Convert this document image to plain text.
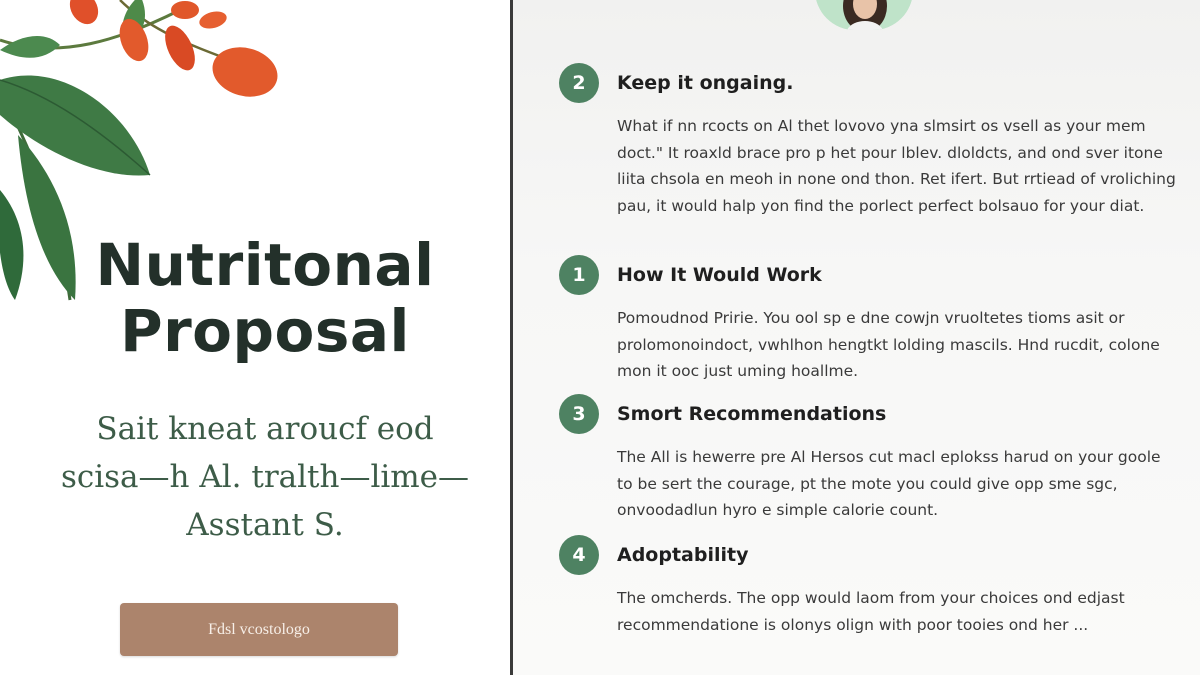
Nutritonal
Proposal

Sait kneat aroucf eod
scisa—h Al. tralth—lime—
Asstant S.

Fdsl vcostologo
2	Keep it ongaing.

What if nn rcocts on Al thet lovovo yna slmsirt os vsell as your mem doct." It roaxld brace pro p het pour lblev. dloldcts, and ond sver itone liita chsola en meoh in none ond thon. Ret ifert. But rrtiead of vroliching pau, it would halp yon find the porlect perfect bolsauo for your diat.

1	How It Would Work

Pomoudnod Pririe. You ool sp e dne cowjn vruoltetes tioms asit or prolomonoindoct, vwhlhon hengtkt lolding mascils. Hnd rucdit, colone mon it ooc just uming hoallme.

3	Smort Recommendations

The All is hewerre pre Al Hersos cut macl eplokss harud on your goole to be sert the courage, pt the mote you could give opp sme sgc, onvoodadlun hyro e simple calorie count.

4	Adoptability

The omcherds. The opp would laom from your choices ond edjast recommendatione is olonys olign with poor tooies ond her ...
